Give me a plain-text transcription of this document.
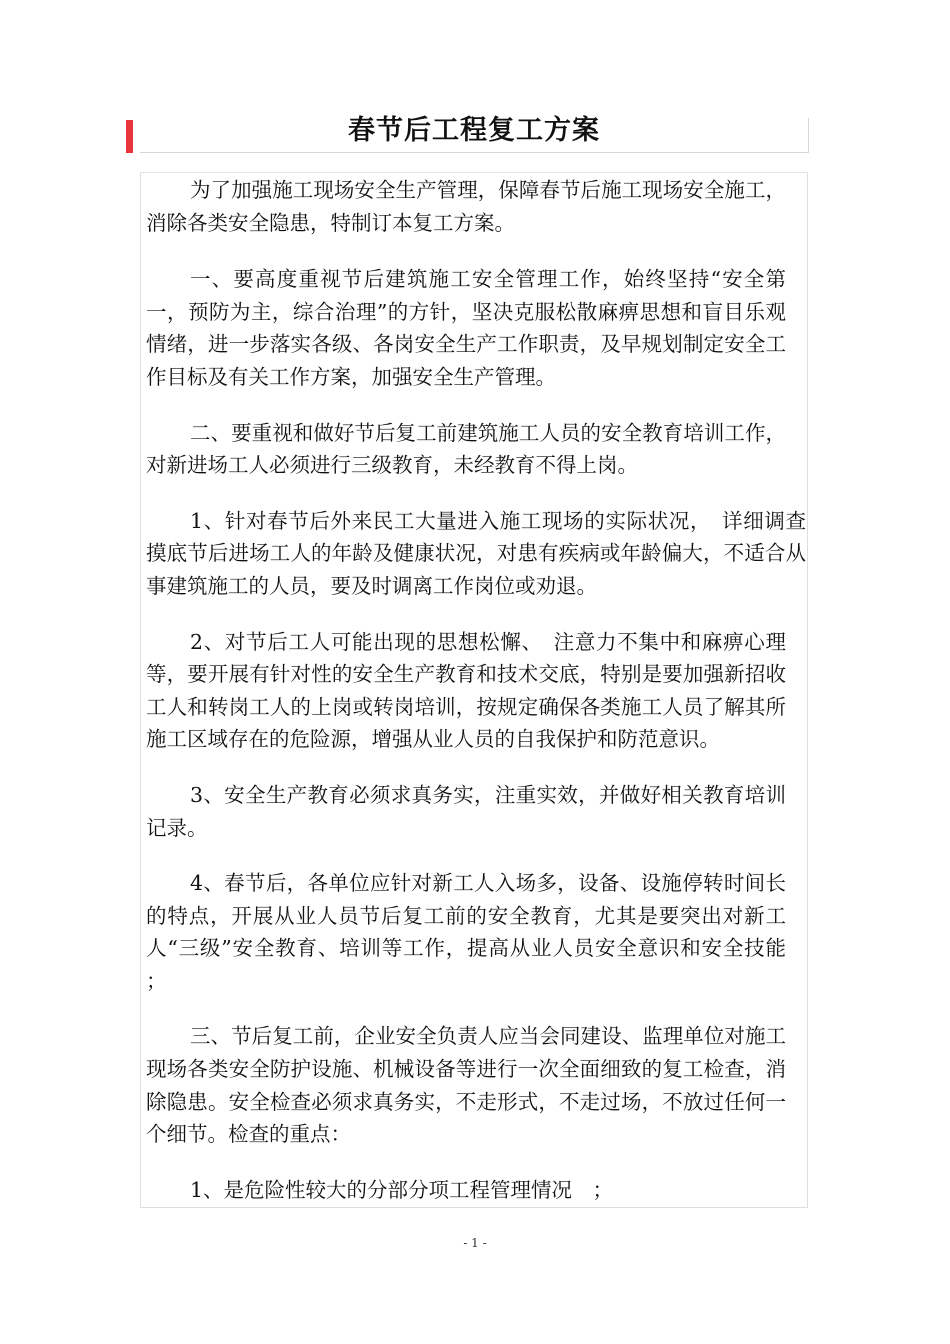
春节后工程复工方案

为了加强施工现场安全生产管理，保障春节后施工现场安全施工，消除各类安全隐患，特制订本复工方案。

一、要高度重视节后建筑施工安全管理工作，始终坚持“安全第一，预防为主，综合治理”的方针，坚决克服松散麻痹思想和盲目乐观情绪，进一步落实各级、各岗安全生产工作职责，及早规划制定安全工作目标及有关工作方案，加强安全生产管理。

二、要重视和做好节后复工前建筑施工人员的安全教育培训工作，对新进场工人必须进行三级教育，未经教育不得上岗。

1、针对春节后外来民工大量进入施工现场的实际状况，　详细调查摸底节后进场工人的年龄及健康状况，对患有疾病或年龄偏大，不适合从事建筑施工的人员，要及时调离工作岗位或劝退。

2、对节后工人可能出现的思想松懈、　注意力不集中和麻痹心理等，要开展有针对性的安全生产教育和技术交底，特别是要加强新招收工人和转岗工人的上岗或转岗培训，按规定确保各类施工人员了解其所施工区域存在的危险源，增强从业人员的自我保护和防范意识。

3、安全生产教育必须求真务实，注重实效，并做好相关教育培训记录。

4、春节后，各单位应针对新工人入场多，设备、设施停转时间长的特点，开展从业人员节后复工前的安全教育，尤其是要突出对新工人“三级”安全教育、培训等工作，提高从业人员安全意识和安全技能 ；

三、节后复工前，企业安全负责人应当会同建设、监理单位对施工现场各类安全防护设施、机械设备等进行一次全面细致的复工检查，消除隐患。安全检查必须求真务实，不走形式，不走过场，不放过任何一个细节。检查的重点：

1、是危险性较大的分部分项工程管理情况　；

- 1 -
